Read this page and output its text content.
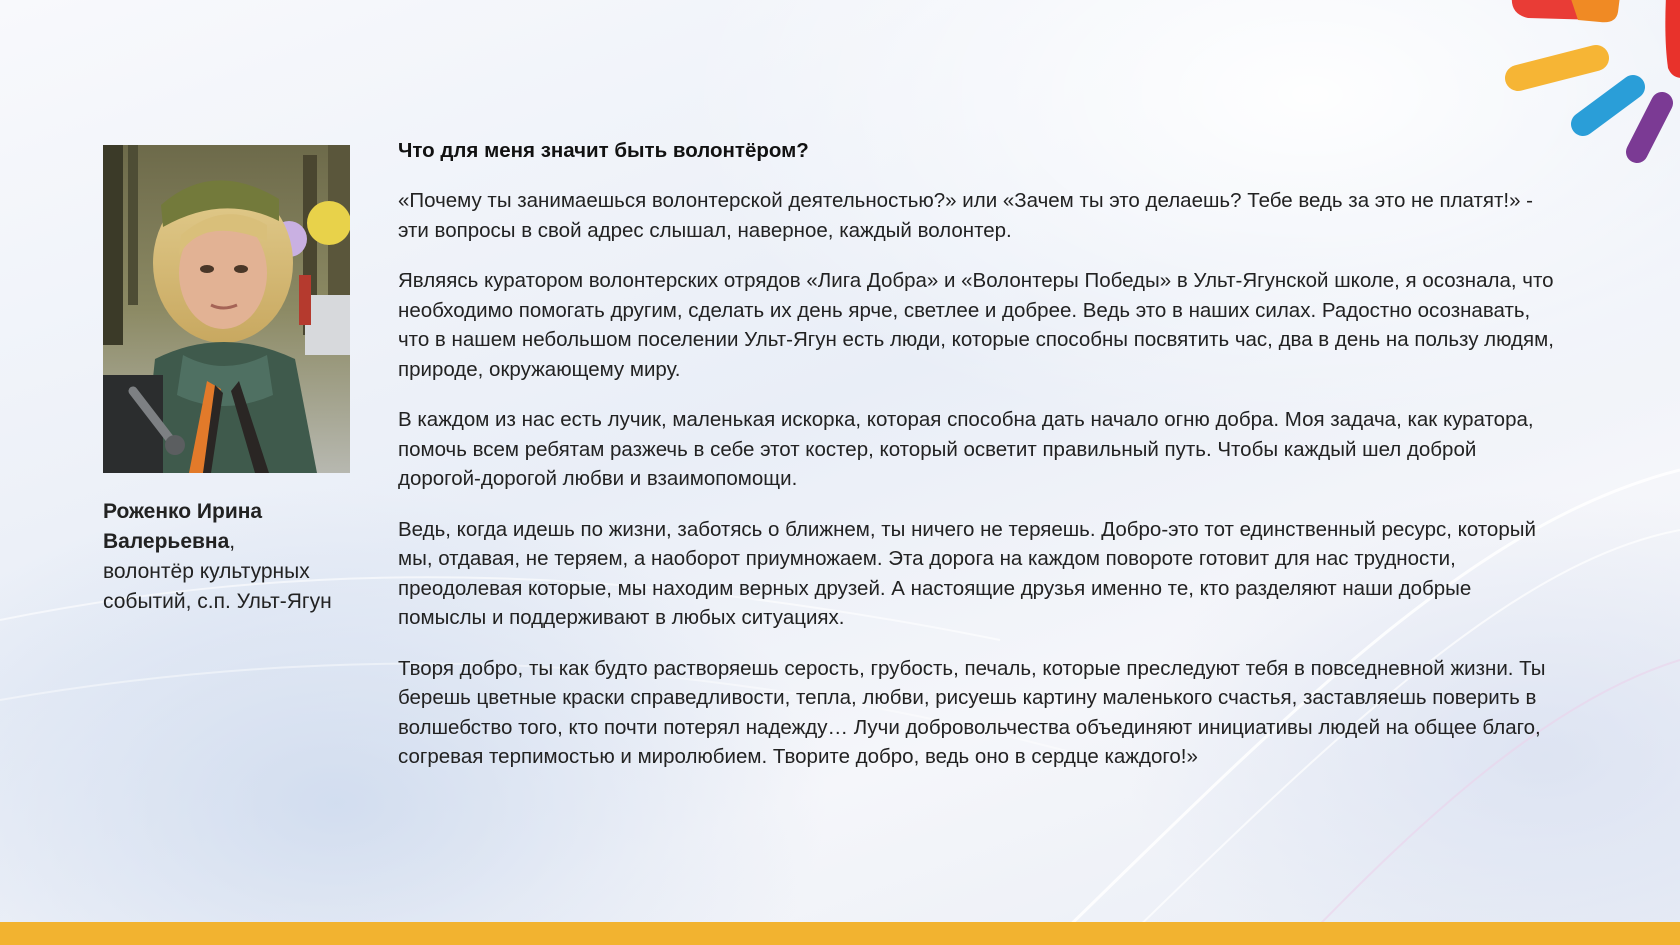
Роженко Ирина Валерьевна,
волонтёр культурных событий, с.п. Ульт-Ягун
Что для меня значит быть волонтёром?

«Почему ты занимаешься волонтерской деятельностью?» или «Зачем ты это делаешь? Тебе ведь за это не платят!» - эти вопросы в свой адрес слышал, наверное, каждый волонтер.

Являясь куратором волонтерских отрядов «Лига Добра» и «Волонтеры Победы» в Ульт-Ягунской школе, я осознала, что необходимо помогать другим, сделать их день ярче, светлее и добрее. Ведь это в наших силах. Радостно осознавать, что в нашем небольшом поселении Ульт-Ягун есть люди, которые способны посвятить час, два в день на пользу людям, природе, окружающему миру.

В каждом из нас есть лучик, маленькая искорка, которая способна дать начало огню добра. Моя задача, как куратора, помочь всем ребятам разжечь в себе этот костер, который осветит правильный путь. Чтобы каждый шел доброй дорогой-дорогой любви и взаимопомощи.

Ведь, когда идешь по жизни, заботясь о ближнем, ты ничего не теряешь. Добро-это тот единственный ресурс, который мы, отдавая, не теряем, а наоборот приумножаем. Эта дорога на каждом повороте готовит для нас трудности, преодолевая которые, мы находим верных друзей. А настоящие друзья именно те, кто разделяют наши добрые помыслы и поддерживают в любых ситуациях.

Творя добро, ты как будто растворяешь серость, грубость, печаль, которые преследуют тебя в повседневной жизни. Ты берешь цветные краски справедливости, тепла, любви, рисуешь картину маленького счастья, заставляешь поверить в волшебство того, кто почти потерял надежду… Лучи добровольчества объединяют инициативы людей на общее благо, согревая терпимостью и миролюбием. Творите добро, ведь оно в сердце каждого!»
